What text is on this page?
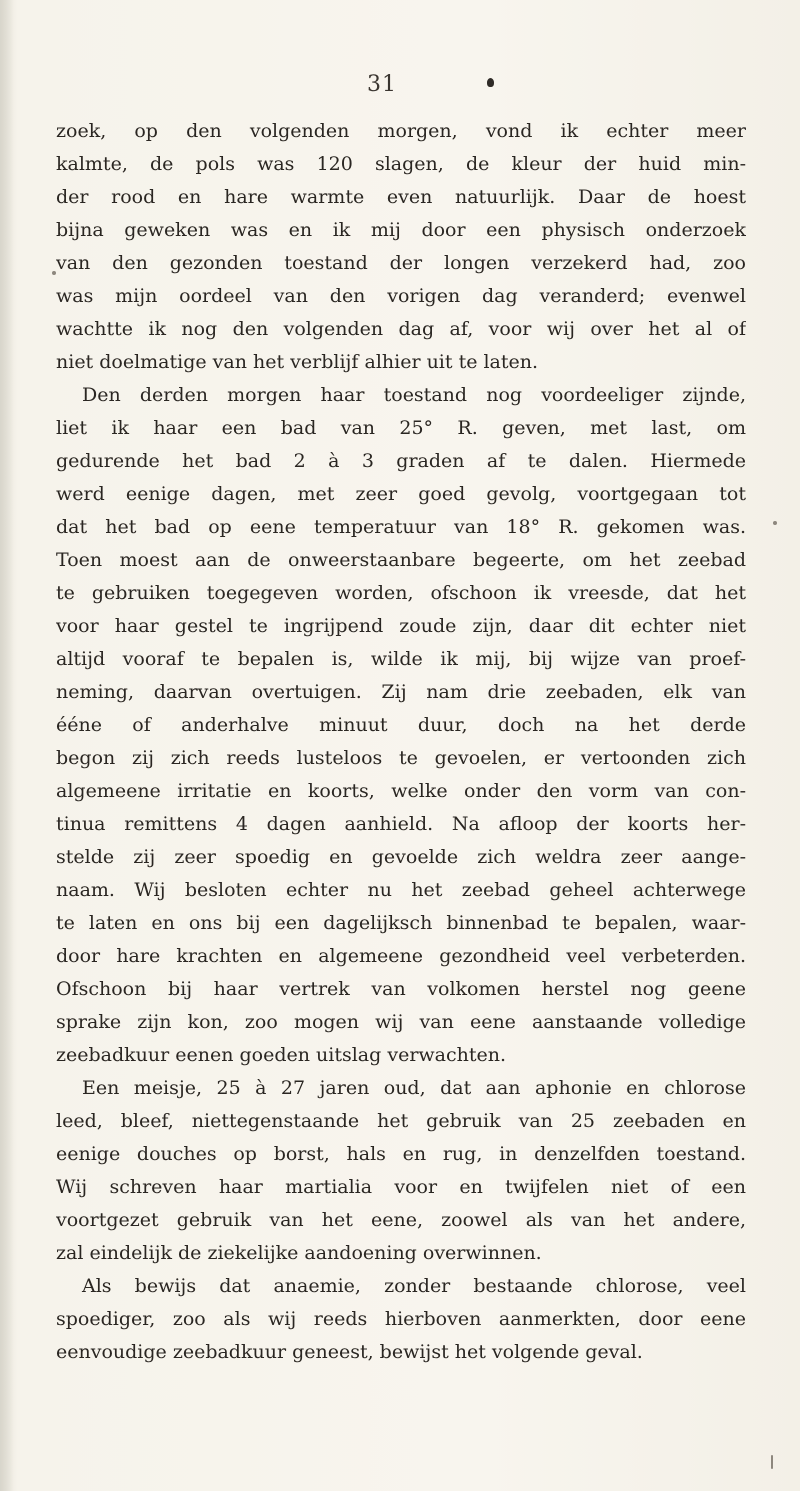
31
zoek, op den volgenden morgen, vond ik echter meer
kalmte, de pols was 120 slagen, de kleur der huid min-
der rood en hare warmte even natuurlijk. Daar de hoest
bijna geweken was en ik mij door een physisch onderzoek
van den gezonden toestand der longen verzekerd had, zoo
was mijn oordeel van den vorigen dag veranderd; evenwel
wachtte ik nog den volgenden dag af, voor wij over het al of
niet doelmatige van het verblijf alhier uit te laten.
Den derden morgen haar toestand nog voordeeliger zijnde,
liet ik haar een bad van 25° R. geven, met last, om
gedurende het bad 2 à 3 graden af te dalen. Hiermede
werd eenige dagen, met zeer goed gevolg, voortgegaan tot
dat het bad op eene temperatuur van 18° R. gekomen was.
Toen moest aan de onweerstaanbare begeerte, om het zeebad
te gebruiken toegegeven worden, ofschoon ik vreesde, dat het
voor haar gestel te ingrijpend zoude zijn, daar dit echter niet
altijd vooraf te bepalen is, wilde ik mij, bij wijze van proef-
neming, daarvan overtuigen. Zij nam drie zeebaden, elk van
ééne of anderhalve minuut duur, doch na het derde
begon zij zich reeds lusteloos te gevoelen, er vertoonden zich
algemeene irritatie en koorts, welke onder den vorm van con-
tinua remittens 4 dagen aanhield. Na afloop der koorts her-
stelde zij zeer spoedig en gevoelde zich weldra zeer aange-
naam. Wij besloten echter nu het zeebad geheel achterwege
te laten en ons bij een dagelijksch binnenbad te bepalen, waar-
door hare krachten en algemeene gezondheid veel verbeterden.
Ofschoon bij haar vertrek van volkomen herstel nog geene
sprake zijn kon, zoo mogen wij van eene aanstaande volledige
zeebadkuur eenen goeden uitslag verwachten.
Een meisje, 25 à 27 jaren oud, dat aan aphonie en chlorose
leed, bleef, niettegenstaande het gebruik van 25 zeebaden en
eenige douches op borst, hals en rug, in denzelfden toestand.
Wij schreven haar martialia voor en twijfelen niet of een
voortgezet gebruik van het eene, zoowel als van het andere,
zal eindelijk de ziekelijke aandoening overwinnen.
Als bewijs dat anaemie, zonder bestaande chlorose, veel
spoediger, zoo als wij reeds hierboven aanmerkten, door eene
eenvoudige zeebadkuur geneest, bewijst het volgende geval.
